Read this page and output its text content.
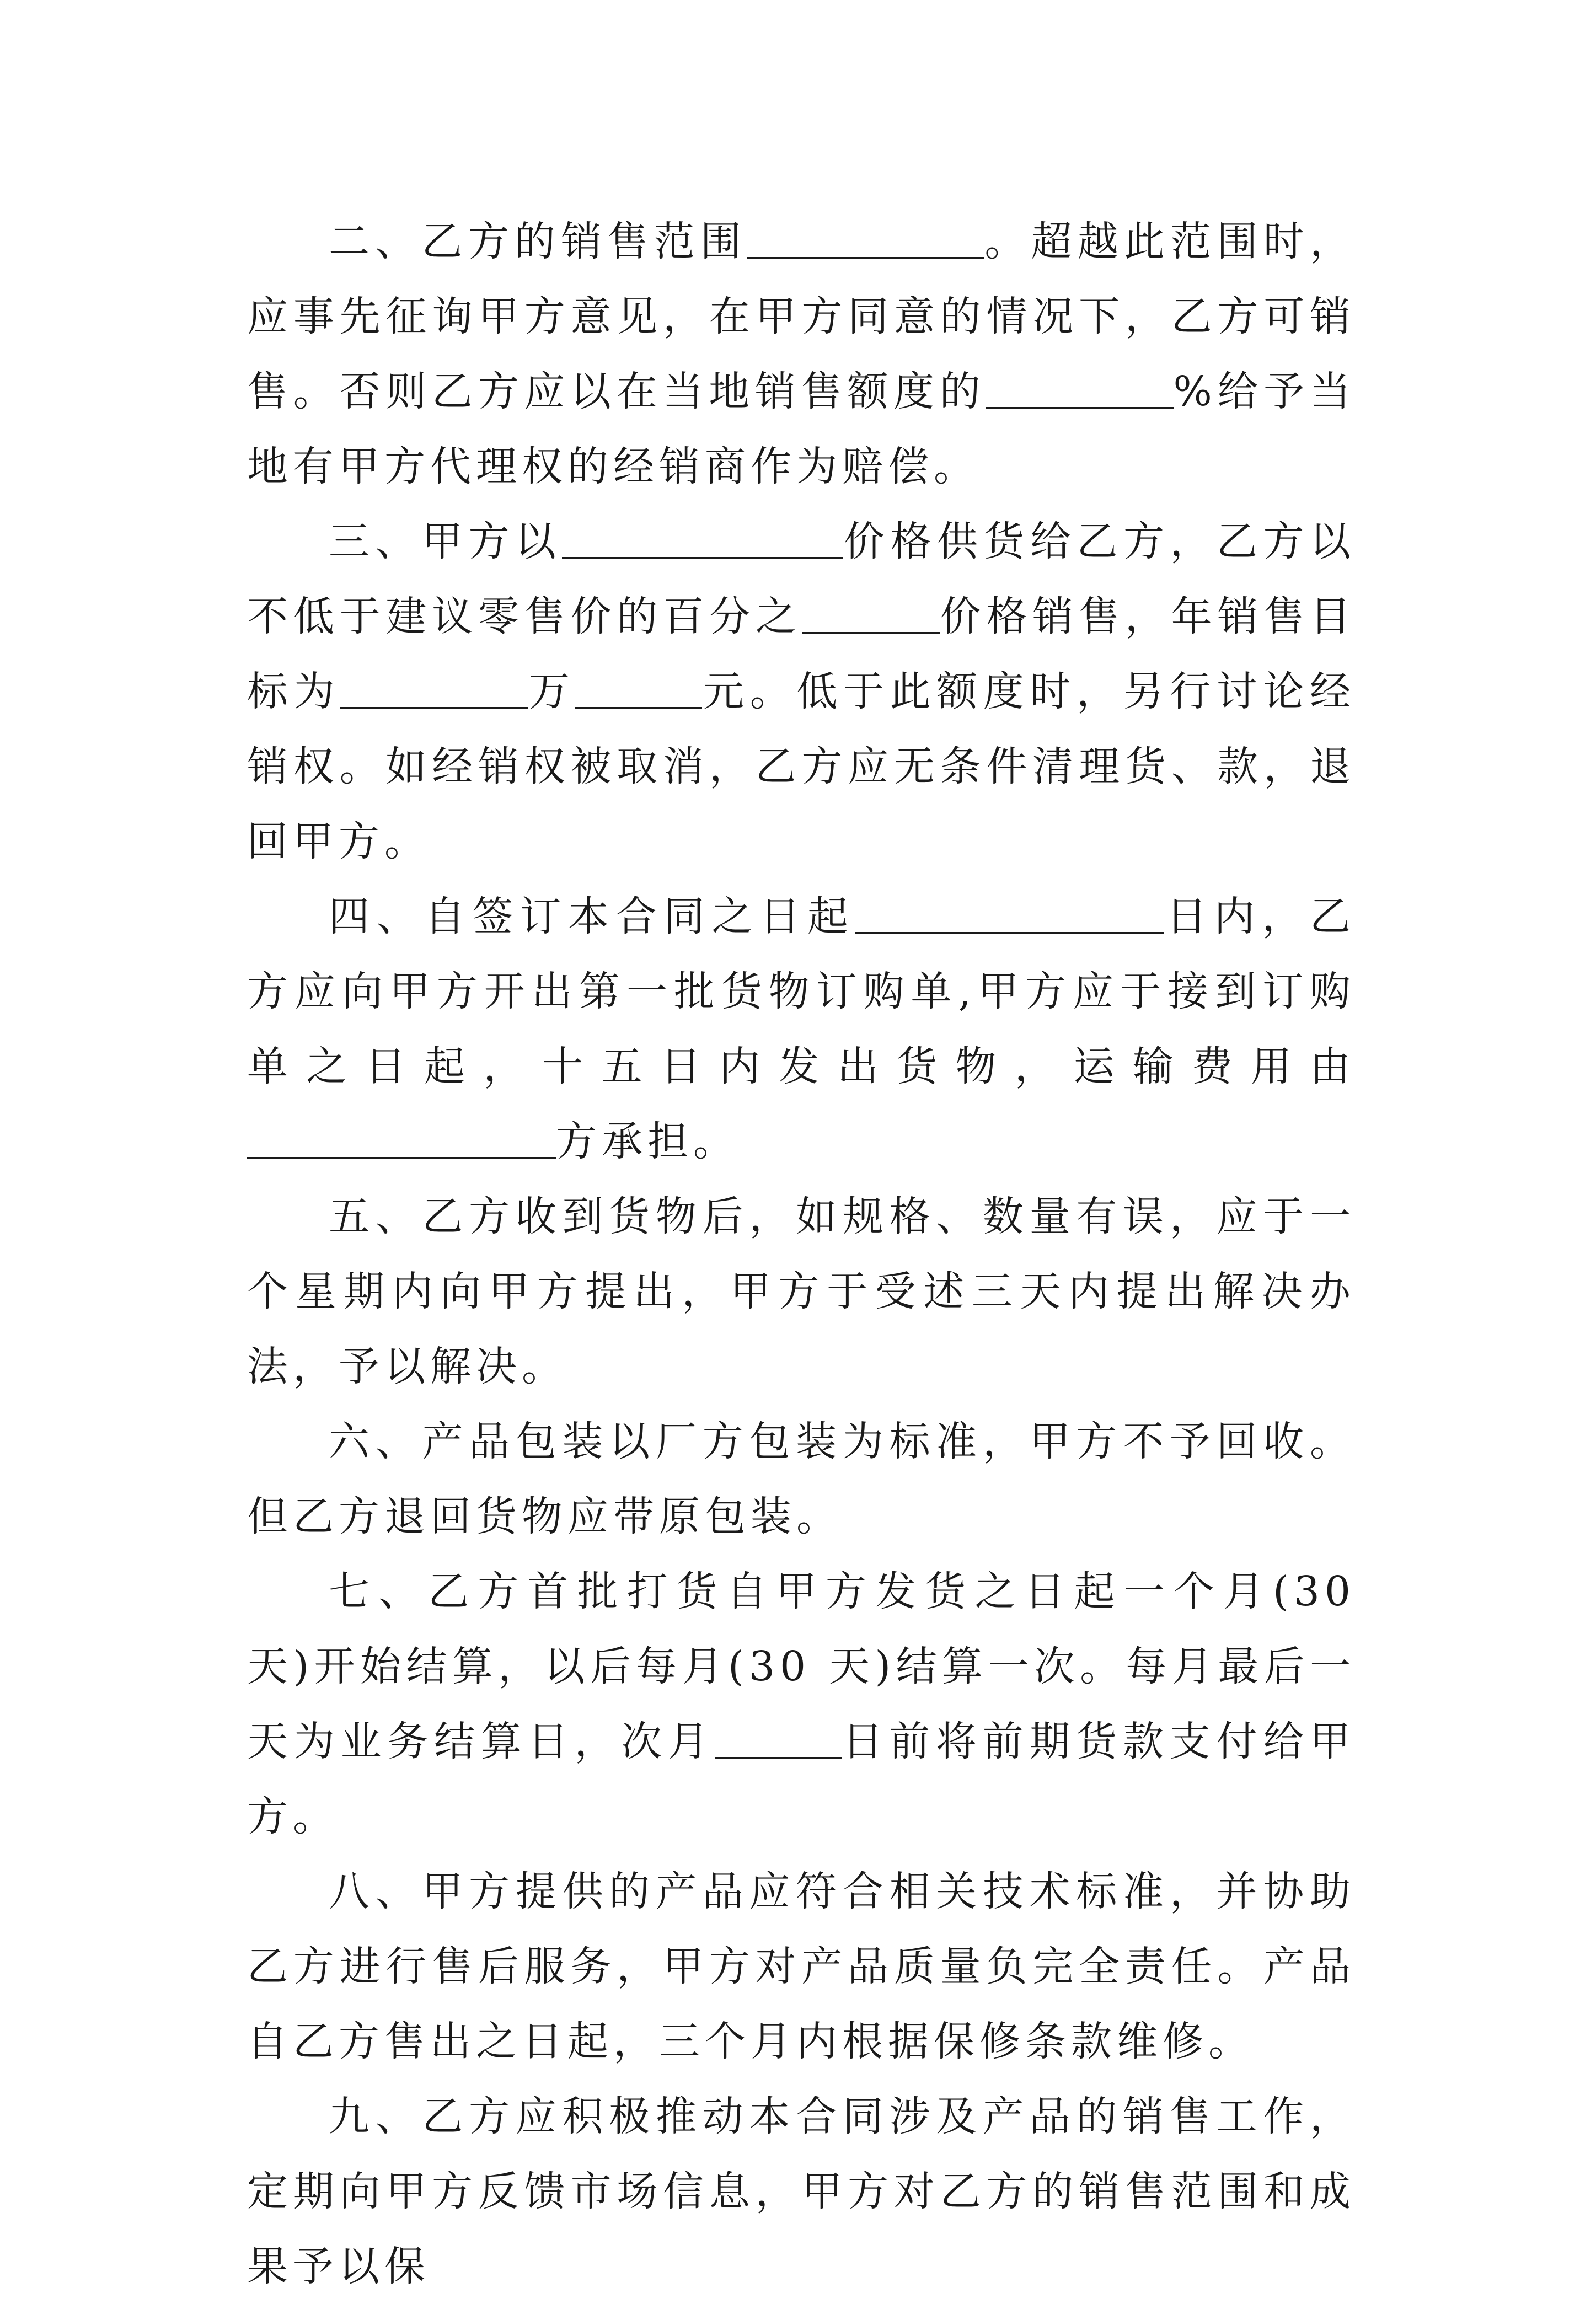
二、乙方的销售范围	。超越此范围时，应事先征询甲方意见，在甲方同意的情况下，乙方可销售。否则乙方应以在当地销售额度的	%给予当地有甲方代理权的经销商作为赔偿。

三、甲方以	价格供货给乙方，乙方以不低于建议零售价的百分之	价格销售，年销售目标为	万	元。低于此额度时，另行讨论经销权。如经销权被取消，乙方应无条件清理货、款，退回甲方。

四、自签订本合同之日起	日内，乙方应向甲方开出第一批货物订购单,甲方应于接到订购单之日起，十五日内发出货物，运输费用由方承担。

五、乙方收到货物后，如规格、数量有误，应于一个星期内向甲方提出，甲方于受述三天内提出解决办法，予以解决。

六、产品包装以厂方包装为标准，甲方不予回收。但乙方退回货物应带原包装。

七、乙方首批打货自甲方发货之日起一个月(30 天)开始结算，以后每月(30 天)结算一次。每月最后一天为业务结算日，次月	日前将前期货款支付给甲方。

八、甲方提供的产品应符合相关技术标准，并协助乙方进行售后服务，甲方对产品质量负完全责任。产品自乙方售出之日起，三个月内根据保修条款维修。

九、乙方应积极推动本合同涉及产品的销售工作，定期向甲方反馈市场信息，甲方对乙方的销售范围和成果予以保
